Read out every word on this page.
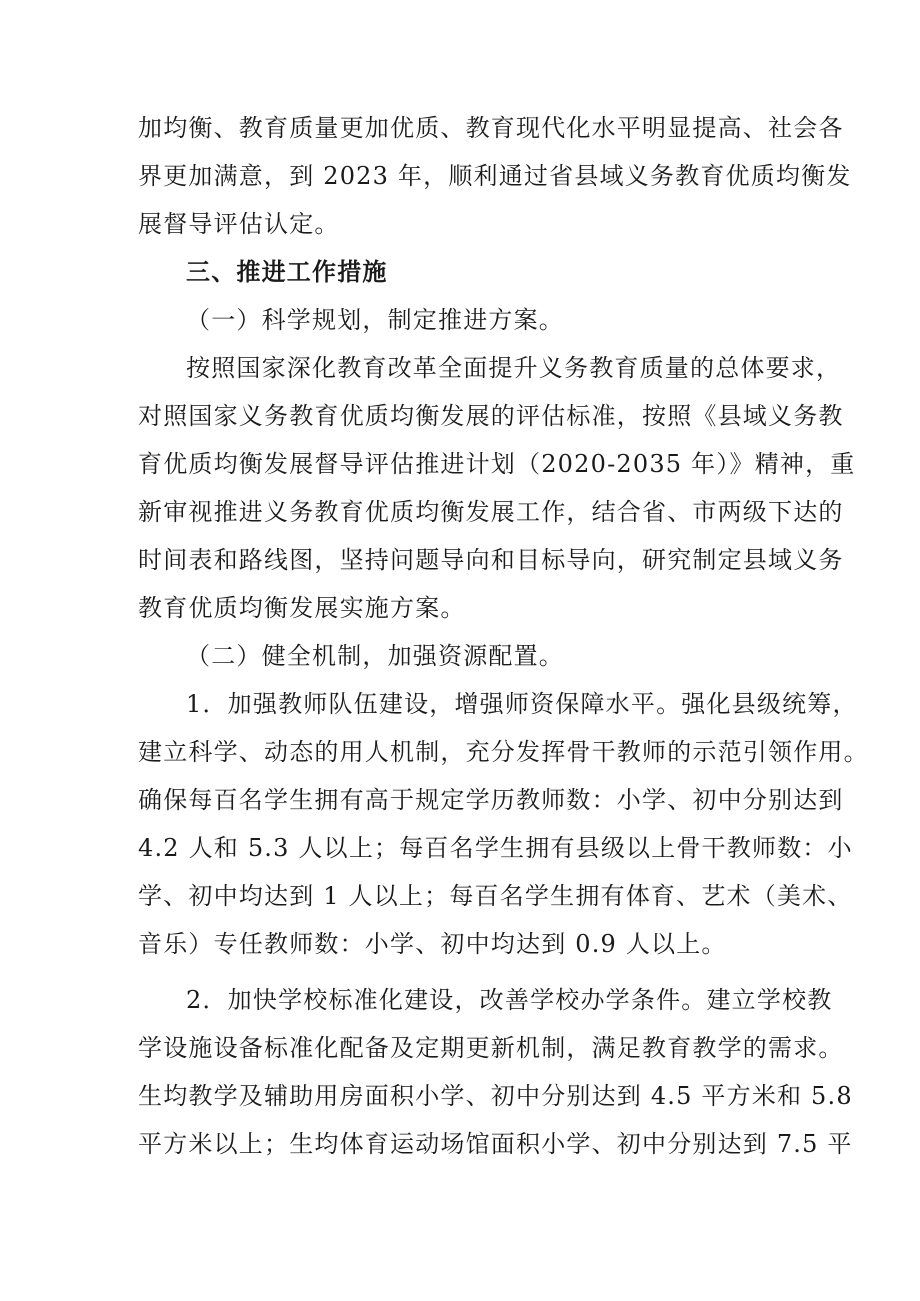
加均衡、教育质量更加优质、教育现代化水平明显提高、社会各
界更加满意，到 2023 年，顺利通过省县域义务教育优质均衡发
展督导评估认定。
三、推进工作措施
（一）科学规划，制定推进方案。
按照国家深化教育改革全面提升义务教育质量的总体要求，
对照国家义务教育优质均衡发展的评估标准，按照《县域义务教
育优质均衡发展督导评估推进计划（2020-2035 年）》精神，重
新审视推进义务教育优质均衡发展工作，结合省、市两级下达的
时间表和路线图，坚持问题导向和目标导向，研究制定县域义务
教育优质均衡发展实施方案。
（二）健全机制，加强资源配置。
1．加强教师队伍建设，增强师资保障水平。强化县级统筹，
建立科学、动态的用人机制，充分发挥骨干教师的示范引领作用。
确保每百名学生拥有高于规定学历教师数：小学、初中分别达到
4.2 人和 5.3 人以上；每百名学生拥有县级以上骨干教师数：小
学、初中均达到 1 人以上；每百名学生拥有体育、艺术（美术、
音乐）专任教师数：小学、初中均达到 0.9 人以上。
2．加快学校标准化建设，改善学校办学条件。建立学校教
学设施设备标准化配备及定期更新机制，满足教育教学的需求。
生均教学及辅助用房面积小学、初中分别达到 4.5 平方米和 5.8
平方米以上；生均体育运动场馆面积小学、初中分别达到 7.5 平
